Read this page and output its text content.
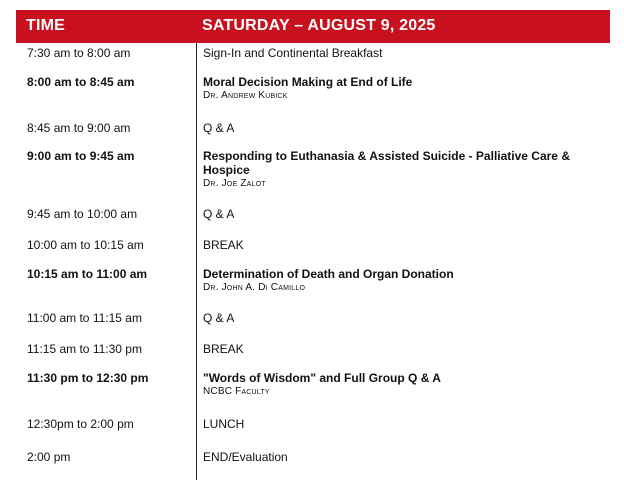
TIME	SATURDAY – AUGUST 9, 2025
7:30 am to 8:00 am	Sign-In and Continental Breakfast
8:00 am to 8:45 am	Moral Decision Making at End of Life
Dr. Andrew Kubick
8:45 am to 9:00 am	Q & A
9:00 am to 9:45 am	Responding to Euthanasia & Assisted Suicide - Palliative Care & Hospice
Dr. Joe Zalot
9:45 am to 10:00 am	Q & A
10:00 am to 10:15 am	BREAK
10:15 am to 11:00 am	Determination of Death and Organ Donation
Dr. John A. Di Camillo
11:00 am to 11:15 am	Q & A
11:15 am to 11:30 pm	BREAK
11:30 pm to 12:30 pm	"Words of Wisdom" and Full Group Q & A
NCBC Faculty
12:30pm to 2:00 pm	LUNCH
2:00 pm	END/Evaluation
